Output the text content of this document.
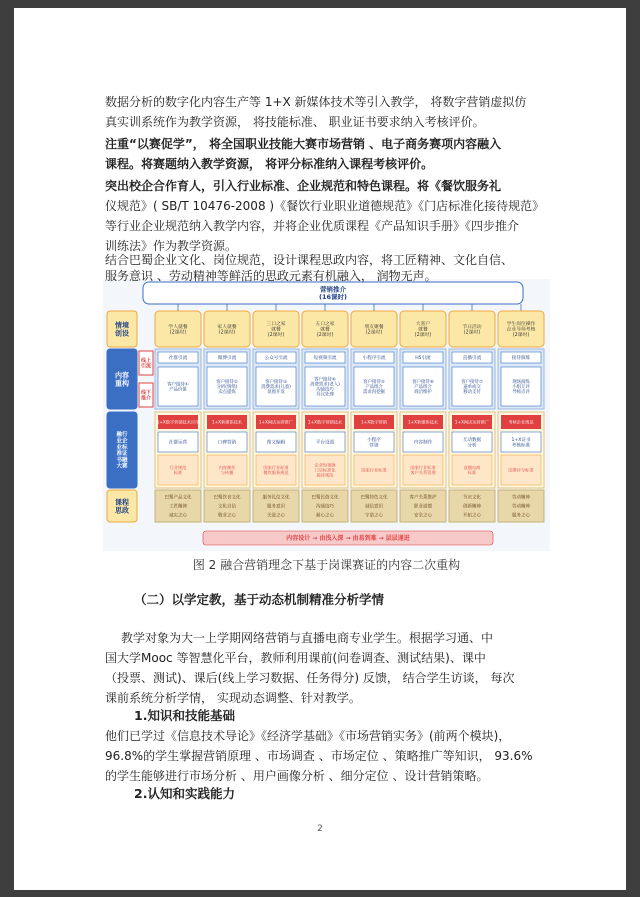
数据分析的数字化内容生产等 1+X 新媒体技术等引入教学， 将数字营销虚拟仿
真实训系统作为教学资源， 将技能标准、 职业证书要求纳入考核评价。
注重“以赛促学”， 将全国职业技能大赛市场营销 、电子商务赛项内容融入
课程。将赛题纳入教学资源， 将评分标准纳入课程考核评价。
突出校企合作育人，引入行业标准、企业规范和特色课程。将《餐饮服务礼
仪规范》( SB/T 10476-2008 )《餐饮行业职业道德规范》《门店标准化接待规范》
等行业企业规范纳入教学内容，并将企业优质课程《产品知识手册》《四步推介
训练法》作为教学资源。
结合巴蜀企业文化、岗位规范，设计课程思政内容，将工匠精神、文化自信、
营销推介(16课时)
情境创设
内容重构
融行业企业标准证书融大赛
课程思政
线上引流
线下推介
学人就餐(2课时)
社群引流
客户接待① 产品价值
1+X数字营销技术应用
社群运营
行业规范标准
巴蜀产品文化
工匠精神
诚实之心
家人就餐(2课时)
微博引流
客户接待② 分析(情绪)卖点提炼
1+X新媒体技术
口碑营销
内容制作与传播
巴蜀饮食文化
文化自信
敬业之心
三口之家就餐(2课时)
公众号引流
客户接待③ 消费需求(儿童)氛围开发
1+X网店运营推广
图文编辑
国家行业标准餐饮服务规范
服务礼仪文化
服务意识
关爱之心
五口之家就餐(2课时)
短视频引流
客户接待④ 消费需求(老人)沟通技巧异议处理
1+X数字营销技术
平台设置
企业短视频门店标准化接待规范
巴蜀民俗文化
沟通技巧
耐心之心
朋友聚餐(2课时)
小程序引流
客户接待⑤ 产品组合需求再挖掘
1+X数字营销
小程序营销
国家行业标准
巴蜀特色文化
诚信意识
守诺之心
大客户就餐(2课时)
H5引流
客户接待⑥ 产品组合商洽维护
1+X新媒体技术
内容制作
国家行业标准客户关系管理
客户关系维护
职业道德
安全之心
节日活动(2课时)
直播引流
客户接待⑦ 逼单成交移动支付
1+X网店运营推广
互动数据分析
直播电商标准
节庆文化
创新精神
开拓之心
学生岗位操作企业导师考核(2课时)
接待演练
现场演练小组互评导师点评
考核企业规范
1+X证书考核标准
国赛评分标准
劳动精神
劳动精神
服务之心
内容设计 → 由浅入深 → 由易到难 → 层层递进
图 2 融合营销理念下基于岗课赛证的内容二次重构
（二）以学定教，基于动态机制精准分析学情
教学对象为大一上学期网络营销与直播电商专业学生。根据学习通、中
国大学Mooc 等智慧化平台，教师利用课前(问卷调查、测试结果)、课中
（投票、测试)、课后(线上学习数据、任务得分) 反馈， 结合学生访谈， 每次
课前系统分析学情， 实现动态调整、针对教学。
1.知识和技能基础
他们已学过《信息技术导论》《经济学基础》《市场营销实务》(前两个模块)，
96.8%的学生掌握营销原理 、市场调查 、市场定位 、策略推广等知识， 93.6%
的学生能够进行市场分析 、用户画像分析 、细分定位 、设计营销策略。
2.认知和实践能力
2
服务意识 、劳动精神等鲜活的思政元素有机融入， 润物无声。
